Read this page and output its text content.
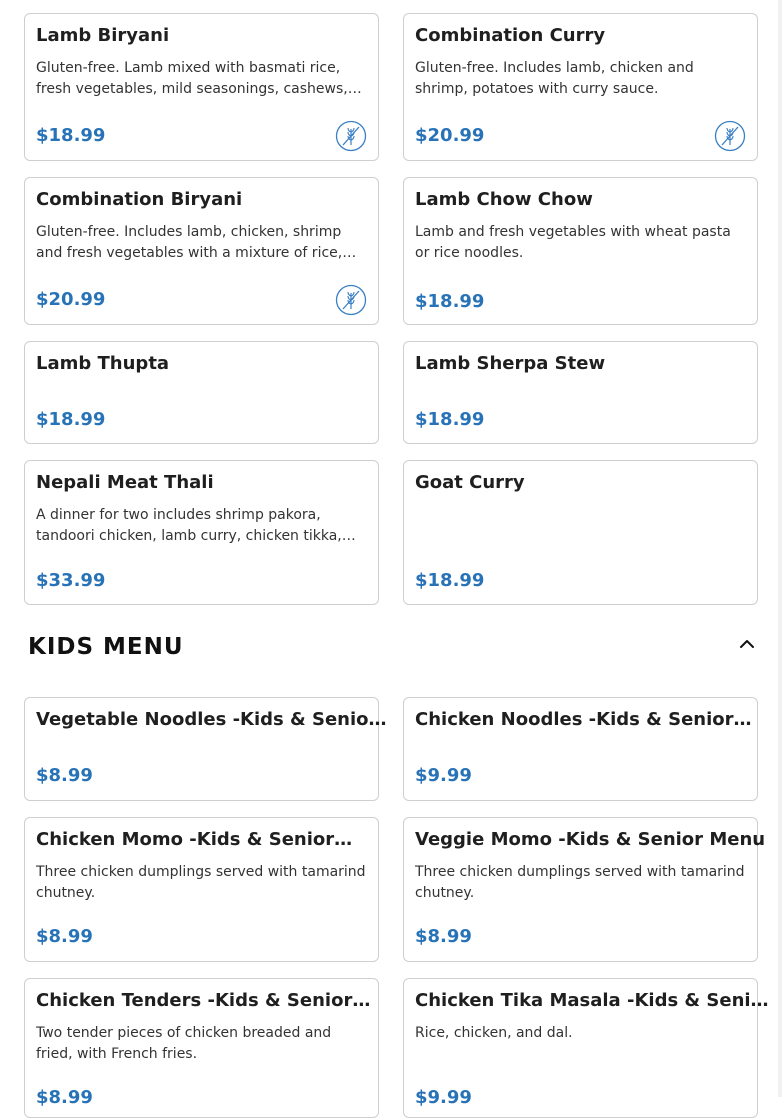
Lamb Biryani
Gluten-free. Lamb mixed with basmati rice, fresh vegetables, mild seasonings, cashews,…
$18.99
Combination Curry
Gluten-free. Includes lamb, chicken and shrimp, potatoes with curry sauce.
$20.99
Combination Biryani
Gluten-free. Includes lamb, chicken, shrimp and fresh vegetables with a mixture of rice,…
$20.99
Lamb Chow Chow
Lamb and fresh vegetables with wheat pasta or rice noodles.
$18.99
Lamb Thupta
$18.99
Lamb Sherpa Stew
$18.99
Nepali Meat Thali
A dinner for two includes shrimp pakora, tandoori chicken, lamb curry, chicken tikka,…
$33.99
Goat Curry
$18.99
KIDS MENU
Vegetable Noodles -Kids & Senio…
$8.99
Chicken Noodles -Kids & Senior…
$9.99
Chicken Momo -Kids & Senior…
Three chicken dumplings served with tamarind chutney.
$8.99
Veggie Momo -Kids & Senior Menu
Three chicken dumplings served with tamarind chutney.
$8.99
Chicken Tenders -Kids & Senior…
Two tender pieces of chicken breaded and fried, with French fries.
$8.99
Chicken Tika Masala -Kids & Seni…
Rice, chicken, and dal.
$9.99
